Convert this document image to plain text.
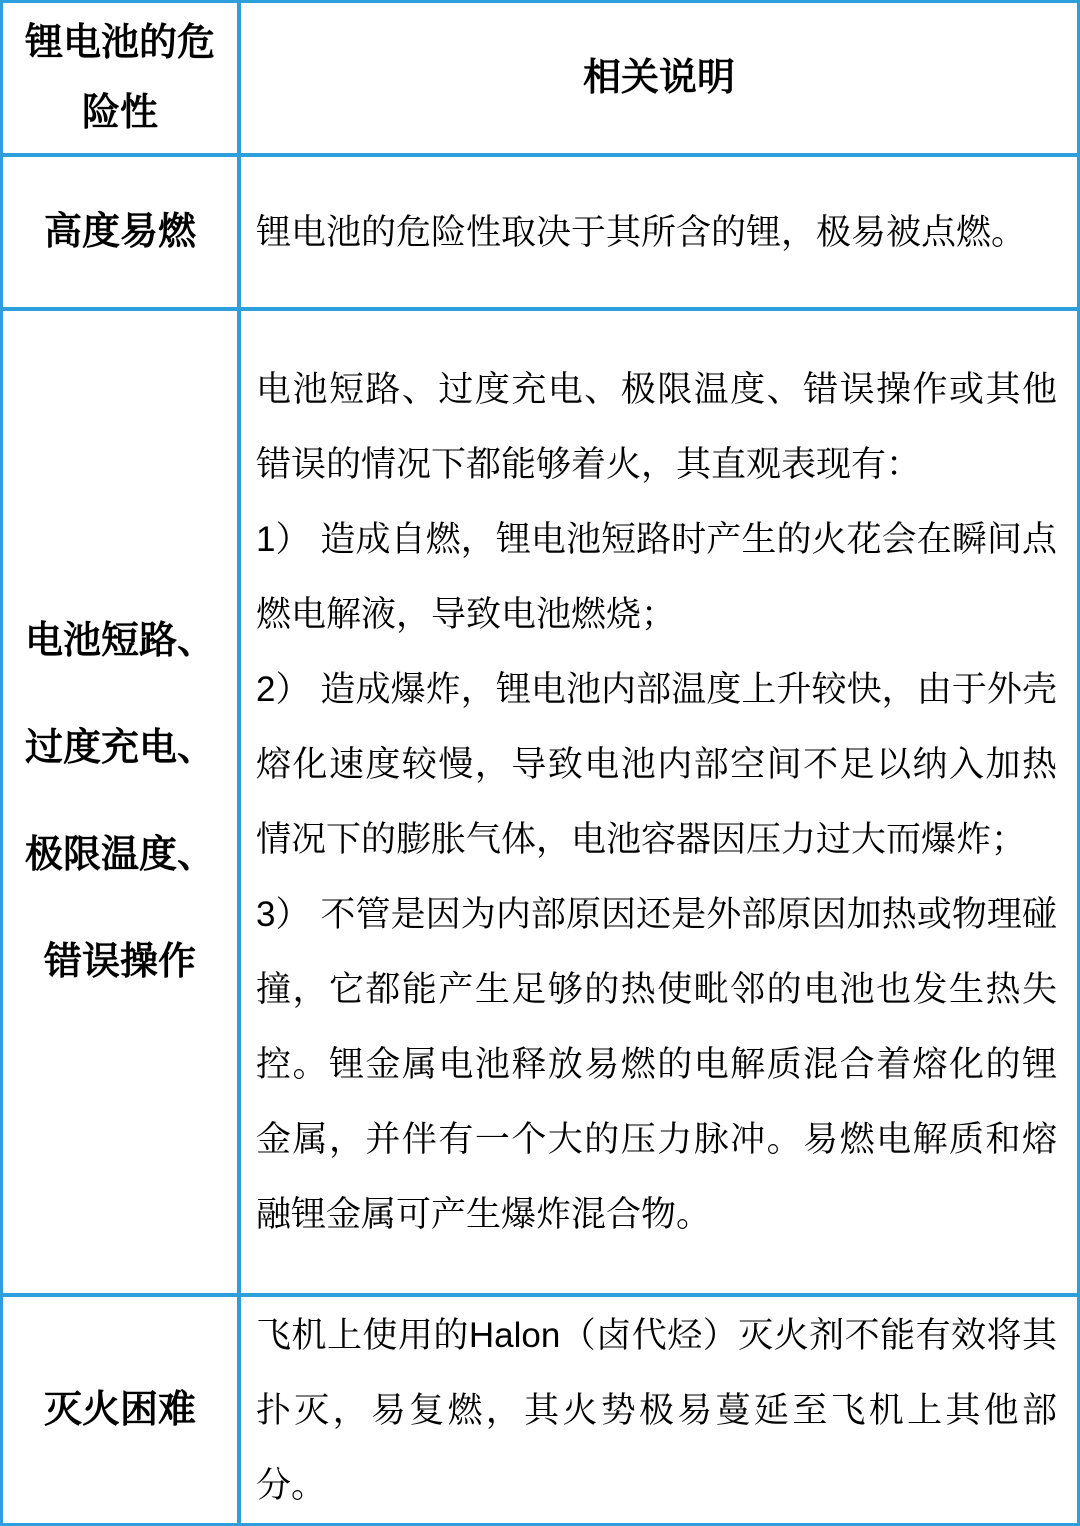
锂电池的危险性
相关说明
高度易燃	锂电池的危险性取决于其所含的锂，极易被点燃。

电池短路、过度充电、极限温度、错误操作

电池短路、过度充电、极限温度、错误操作或其他错误的情况下都能够着火，其直观表现有：

1） 造成自燃，锂电池短路时产生的火花会在瞬间点燃电解液，导致电池燃烧；

2） 造成爆炸，锂电池内部温度上升较快，由于外壳熔化速度较慢，导致电池内部空间不足以纳入加热情况下的膨胀气体，电池容器因压力过大而爆炸；

3） 不管是因为内部原因还是外部原因加热或物理碰撞，它都能产生足够的热使毗邻的电池也发生热失控。锂金属电池释放易燃的电解质混合着熔化的锂金属，并伴有一个大的压力脉冲。易燃电解质和熔融锂金属可产生爆炸混合物。

灭火困难

飞机上使用的Halon（卤代烃）灭火剂不能有效将其扑灭，易复燃，其火势极易蔓延至飞机上其他部分。
